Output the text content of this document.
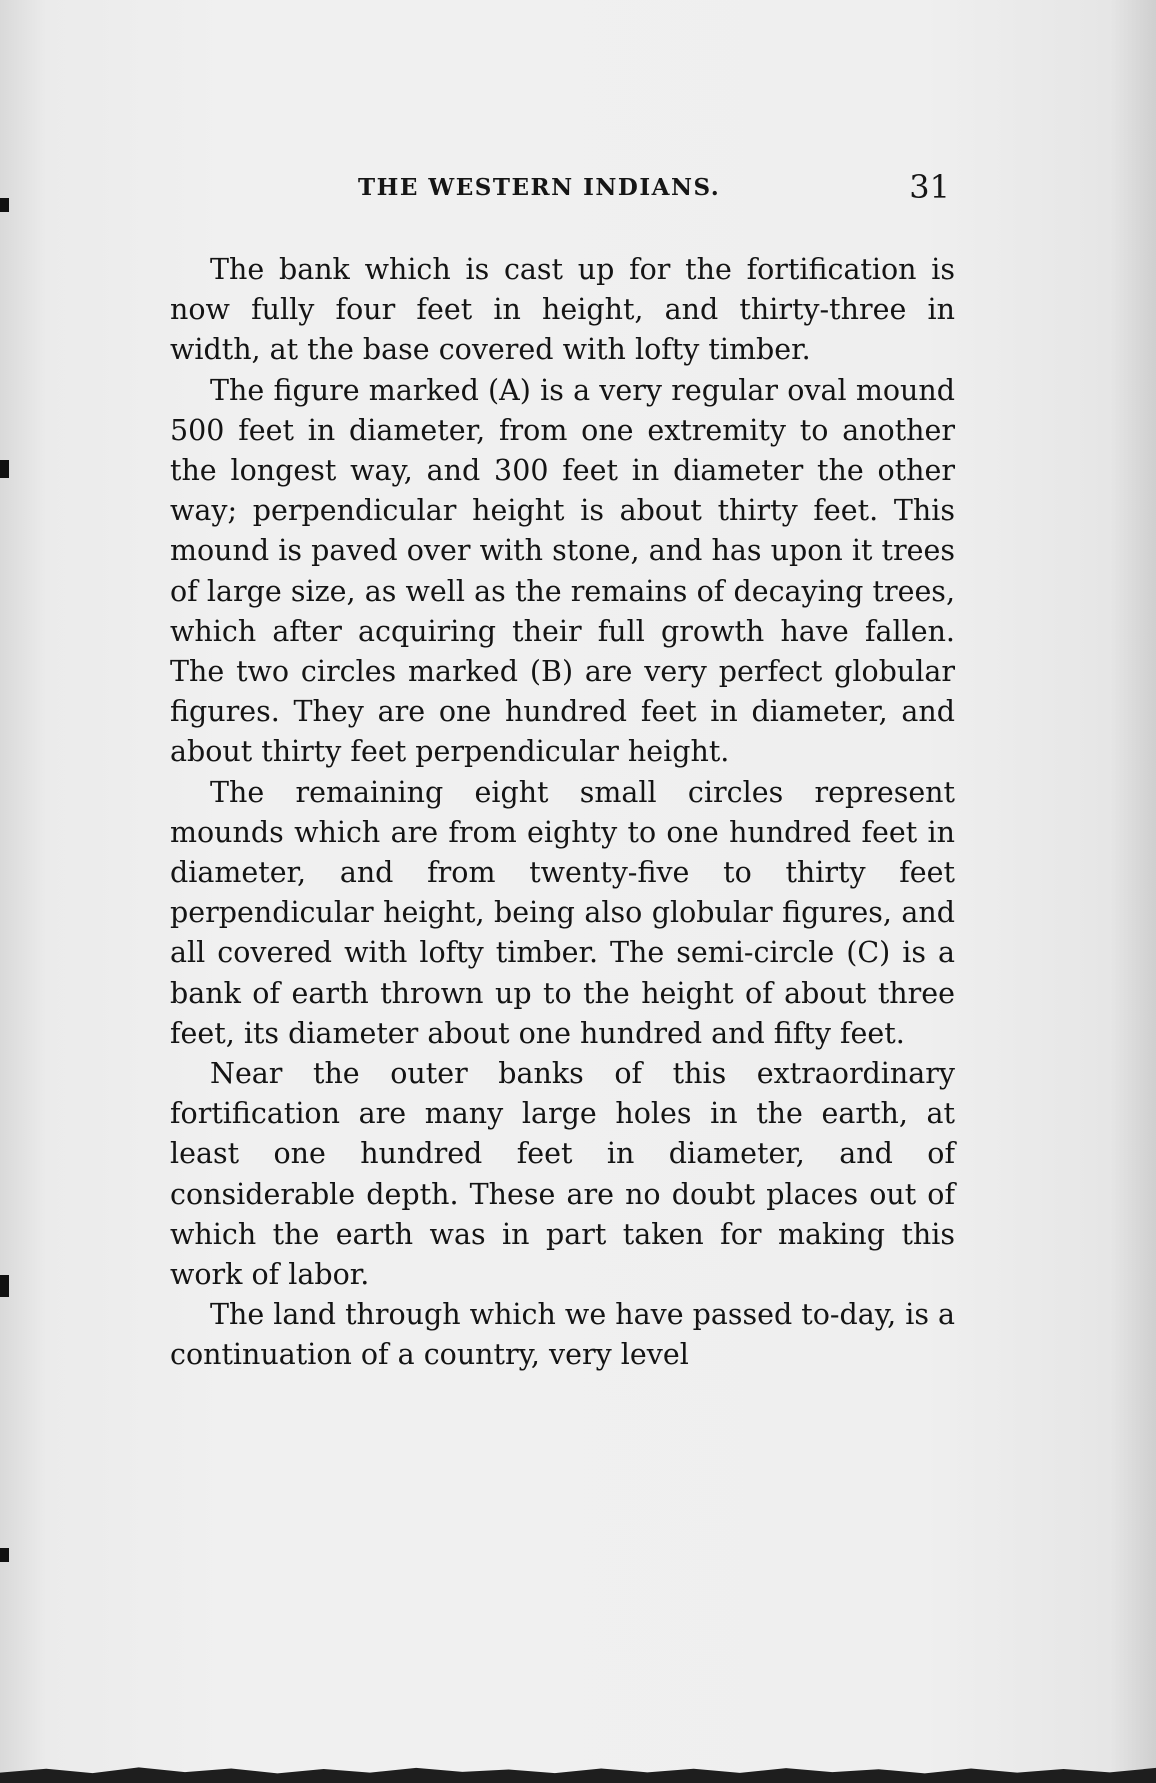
THE WESTERN INDIANS.	31

The bank which is cast up for the fortification is now fully four feet in height, and thirty-three in width, at the base covered with lofty timber.

The figure marked (A) is a very regular oval mound 500 feet in diameter, from one extremity to another the longest way, and 300 feet in diameter the other way; perpendicular height is about thirty feet. This mound is paved over with stone, and has upon it trees of large size, as well as the remains of decaying trees, which after acquiring their full growth have fallen. The two circles marked (B) are very perfect globular figures. They are one hundred feet in diameter, and about thirty feet perpendicular height.

The remaining eight small circles represent mounds which are from eighty to one hundred feet in diameter, and from twenty-five to thirty feet perpendicular height, being also globular figures, and all covered with lofty timber. The semi-circle (C) is a bank of earth thrown up to the height of about three feet, its diameter about one hundred and fifty feet.

Near the outer banks of this extraordinary fortification are many large holes in the earth, at least one hundred feet in diameter, and of considerable depth. These are no doubt places out of which the earth was in part taken for making this work of labor.

The land through which we have passed to-day, is a continuation of a country, very level
